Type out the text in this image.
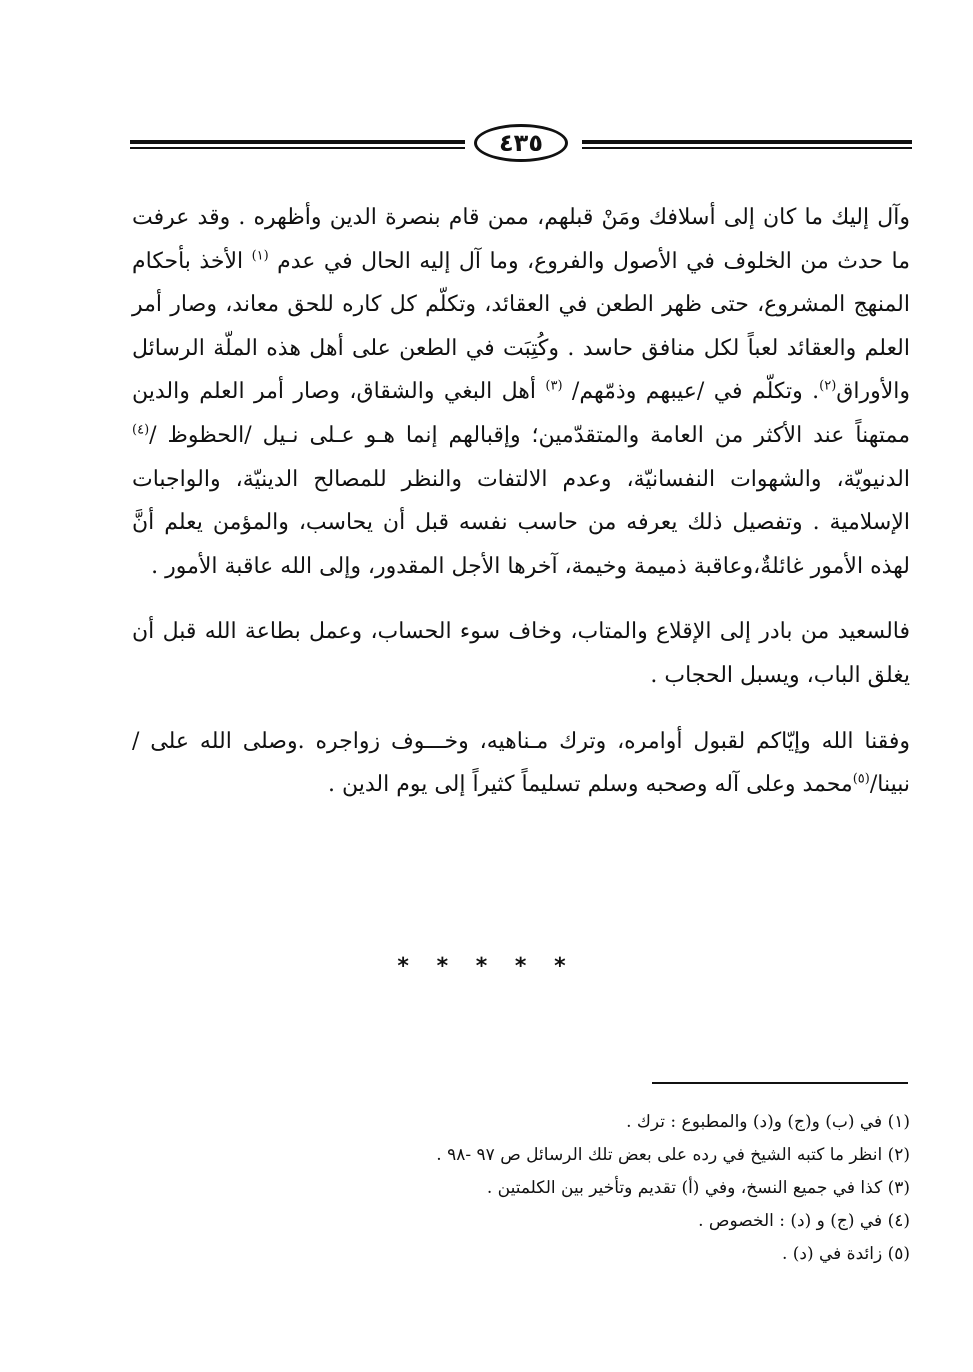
٤٣٥

وآل إليك ما كان إلى أسلافك ومَنْ قبلهم، ممن قام بنصرة الدين وأظهره . وقد عرفت ما حدث من الخلوف في الأصول والفروع، وما آل إليه الحال في عدم $^{(١)}$ الأخذ بأحكام المنهج المشروع، حتى ظهر الطعن في العقائد، وتكلّم كل كاره للحق معاند، وصار أمر العلم والعقائد لعباً لكل منافق حاسد . وكُتِبَت في الطعن على أهل هذه الملّة الرسائل والأوراق$^{(٢)}$. وتكلّم في /عيبهم وذمّهم/ $^{(٣)}$ أهل البغي والشقاق، وصار أمر العلم والدين ممتهناً عند الأكثر من العامة والمتقدّمين؛ وإقبالهم إنما هـو عـلى نـيل /الحظوظ /$^{(٤)}$ الدنيويّة، والشهوات النفسانيّة، وعدم الالتفات والنظر للمصالح الدينيّة، والواجبات الإسلامية . وتفصيل ذلك يعرفه من حاسب نفسه قبل أن يحاسب، والمؤمن يعلم أنَّ لهذه الأمور غائلةٌ،وعاقبة ذميمة وخيمة، آخرها الأجل المقدور، وإلى الله عاقبة الأمور .

فالسعيد من بادر إلى الإقلاع والمتاب، وخاف سوء الحساب، وعمل بطاعة الله قبل أن يغلق الباب، ويسبل الحجاب .

وفقنا الله وإيّاكم لقبول أوامره، وترك مـناهيه، وخـــوف زواجره .وصلى الله على /نبينا/$^{(٥)}$محمد وعلى آله وصحبه وسلم تسليماً كثيراً إلى يوم الدين .

* * * * *
(١) في (ب) و(ج) و(د) والمطبوع : ترك .
(٢) انظر ما كتبه الشيخ في رده على بعض تلك الرسائل ص ٩٧ -٩٨ .
(٣) كذا في جميع النسخ، وفي (أ) تقديم وتأخير بين الكلمتين .
(٤) في (ج) و (د) : الخصوص .
(٥) زائدة في (د) .
